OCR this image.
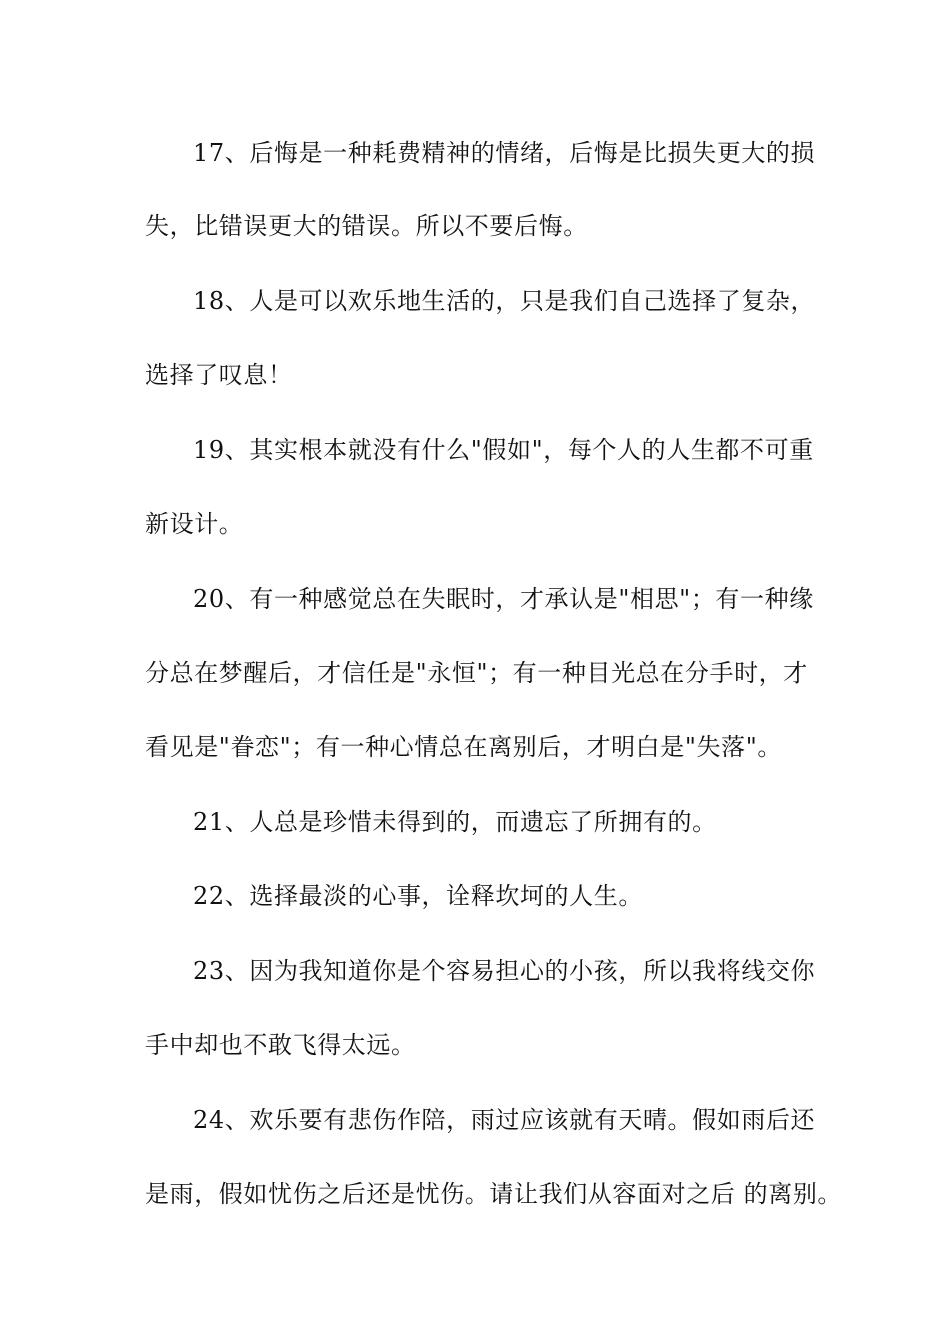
17、后悔是一种耗费精神的情绪，后悔是比损失更大的损
失，比错误更大的错误。所以不要后悔。
18、人是可以欢乐地生活的，只是我们自己选择了复杂，
选择了叹息！
19、其实根本就没有什么"假如"，每个人的人生都不可重
新设计。
20、有一种感觉总在失眠时，才承认是"相思"；有一种缘
分总在梦醒后，才信任是"永恒"；有一种目光总在分手时，才
看见是"眷恋"；有一种心情总在离别后，才明白是"失落"。
21、人总是珍惜未得到的，而遗忘了所拥有的。
22、选择最淡的心事，诠释坎坷的人生。
23、因为我知道你是个容易担心的小孩，所以我将线交你
手中却也不敢飞得太远。
24、欢乐要有悲伤作陪，雨过应该就有天晴。假如雨后还
是雨，假如忧伤之后还是忧伤。请让我们从容面对之后 的离别。
